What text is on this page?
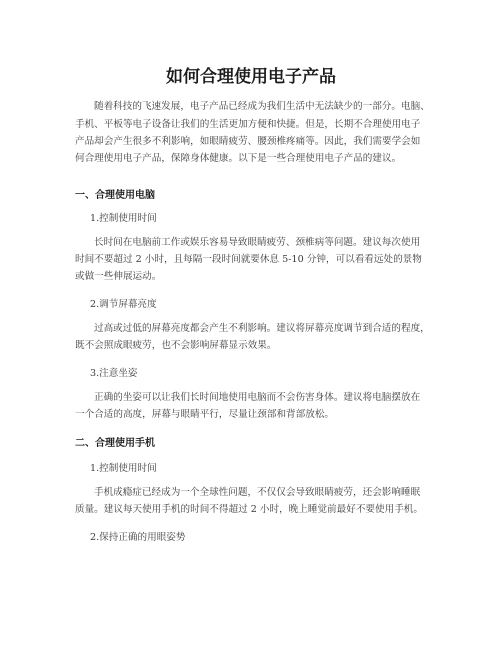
如何合理使用电子产品
随着科技的飞速发展，电子产品已经成为我们生活中无法缺少的一部分。电脑、
手机、平板等电子设备让我们的生活更加方便和快捷。但是，长期不合理使用电子
产品却会产生很多不利影响，如眼睛疲劳、腰颈椎疼痛等。因此，我们需要学会如
何合理使用电子产品，保障身体健康。以下是一些合理使用电子产品的建议。
一、合理使用电脑
1.控制使用时间
长时间在电脑前工作或娱乐容易导致眼睛疲劳、颈椎病等问题。建议每次使用
时间不要超过 2 小时，且每隔一段时间就要休息 5-10 分钟，可以看看远处的景物
或做一些伸展运动。
2.调节屏幕亮度
过高或过低的屏幕亮度都会产生不利影响。建议将屏幕亮度调节到合适的程度，
既不会照成眼疲劳，也不会影响屏幕显示效果。
3.注意坐姿
正确的坐姿可以让我们长时间地使用电脑而不会伤害身体。建议将电脑摆放在
一个合适的高度，屏幕与眼睛平行，尽量让颈部和背部放松。
二、合理使用手机
1.控制使用时间
手机成瘾症已经成为一个全球性问题，不仅仅会导致眼睛疲劳，还会影响睡眠
质量。建议每天使用手机的时间不得超过 2 小时，晚上睡觉前最好不要使用手机。
2.保持正确的用眼姿势
